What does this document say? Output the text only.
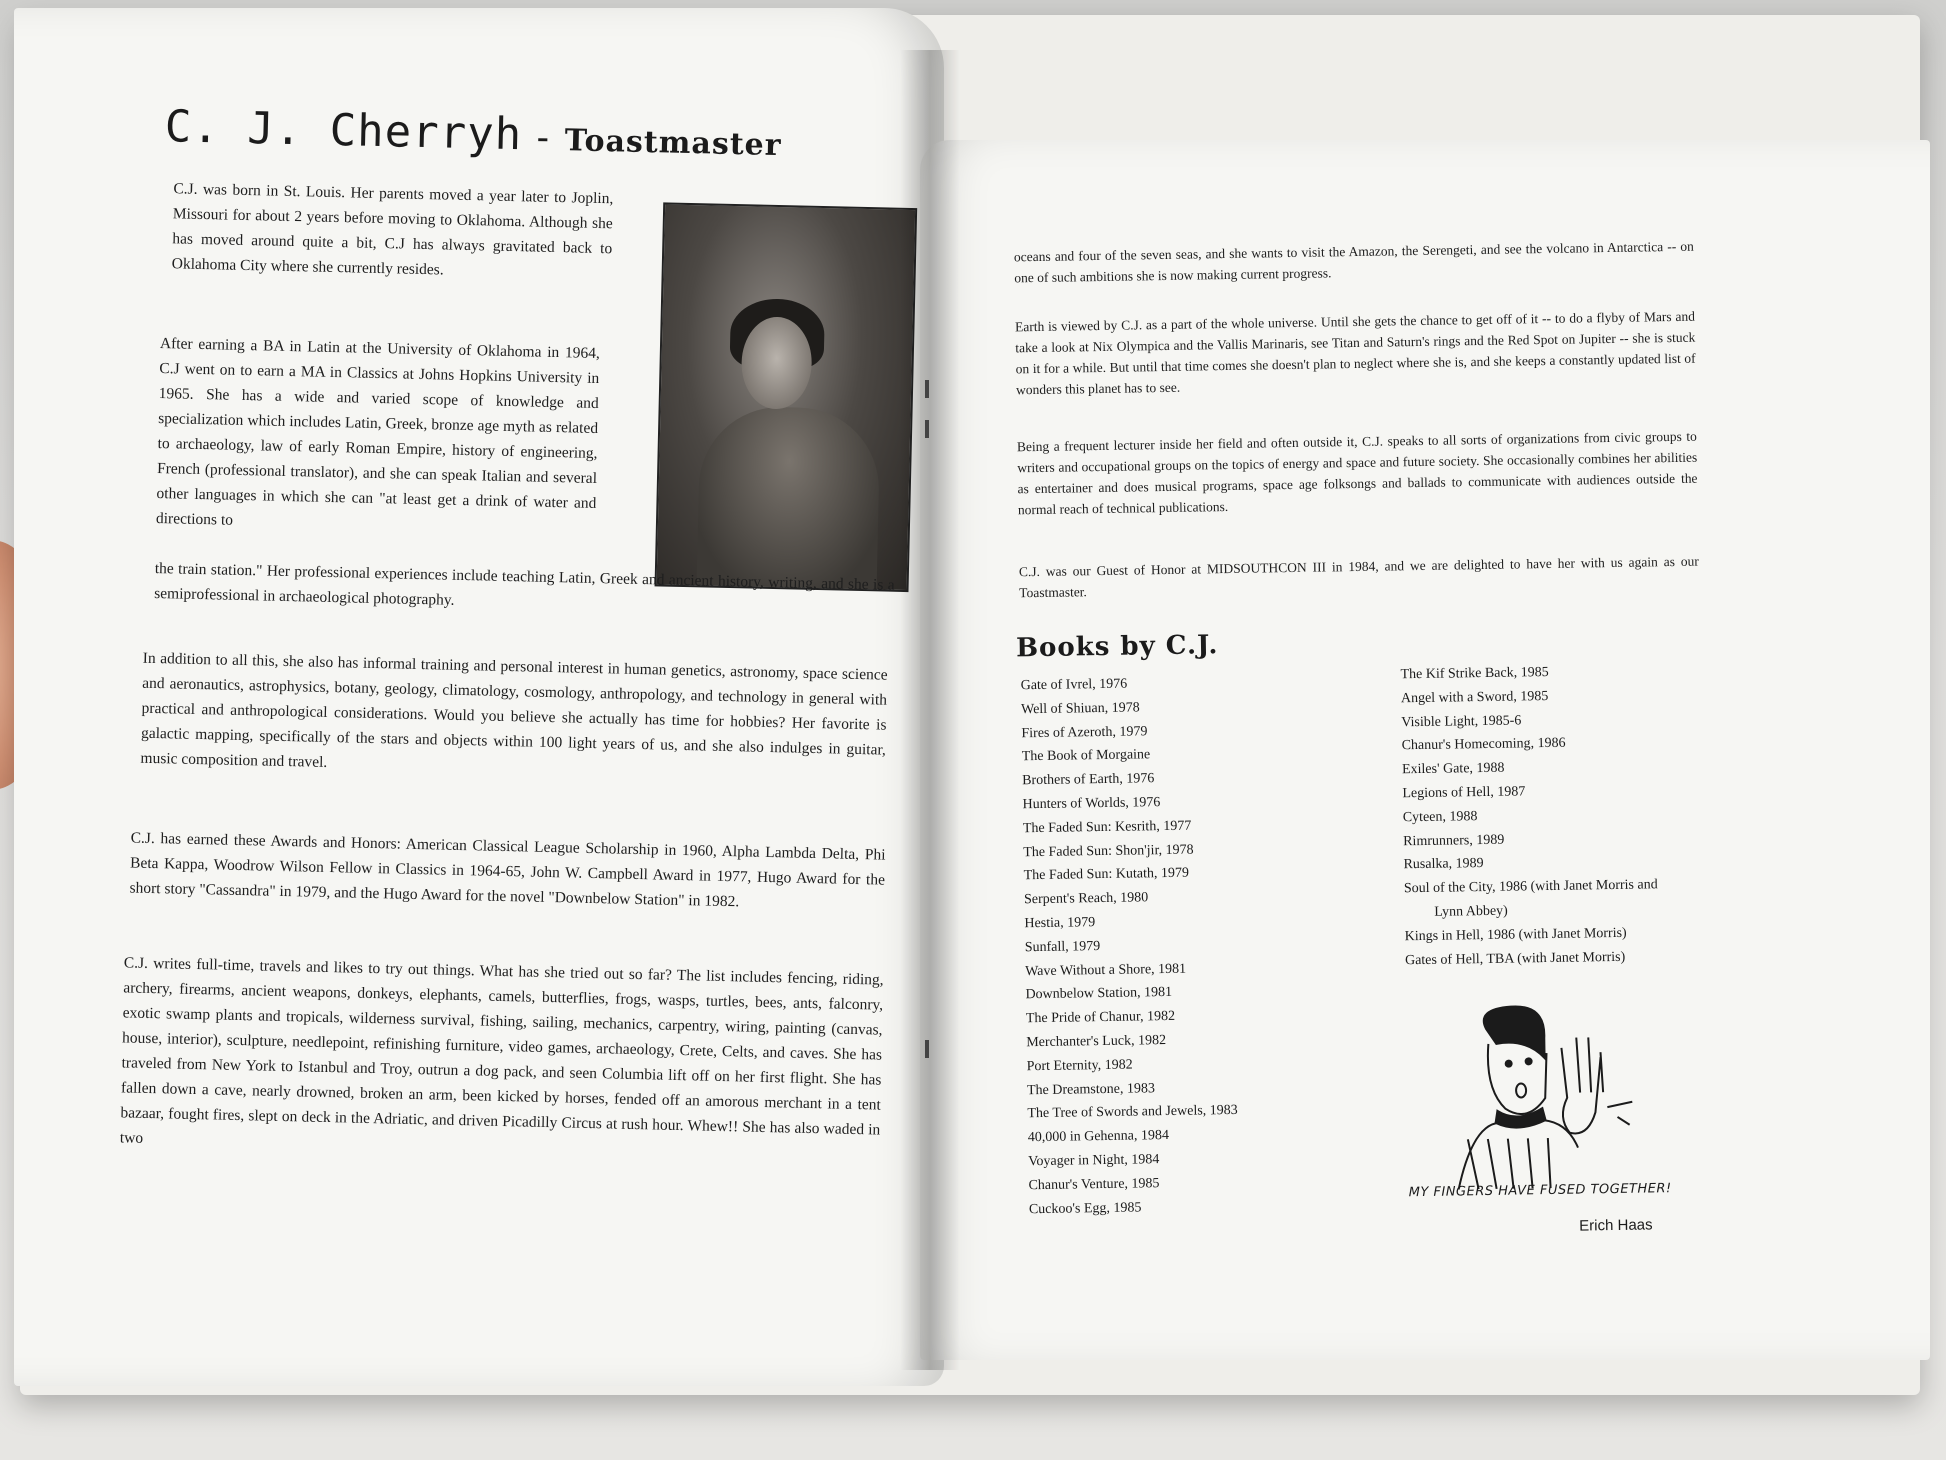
C. J. Cherryh - Toastmaster

C.J. was born in St. Louis. Her parents moved a year later to Joplin, Missouri for about 2 years before moving to Oklahoma. Although she has moved around quite a bit, C.J has always gravitated back to Oklahoma City where she currently resides.

After earning a BA in Latin at the University of Oklahoma in 1964, C.J went on to earn a MA in Classics at Johns Hopkins University in 1965. She has a wide and varied scope of knowledge and specialization which includes Latin, Greek, bronze age myth as related to archaeology, law of early Roman Empire, history of engineering, French (professional translator), and she can speak Italian and several other languages in which she can "at least get a drink of water and directions to

the train station." Her professional experiences include teaching Latin, Greek and ancient history, writing, and she is a semiprofessional in archaeological photography.

In addition to all this, she also has informal training and personal interest in human genetics, astronomy, space science and aeronautics, astrophysics, botany, geology, climatology, cosmology, anthropology, and technology in general with practical and anthropological considerations. Would you believe she actually has time for hobbies? Her favorite is galactic mapping, specifically of the stars and objects within 100 light years of us, and she also indulges in guitar, music composition and travel.

C.J. has earned these Awards and Honors: American Classical League Scholarship in 1960, Alpha Lambda Delta, Phi Beta Kappa, Woodrow Wilson Fellow in Classics in 1964-65, John W. Campbell Award in 1977, Hugo Award for the short story "Cassandra" in 1979, and the Hugo Award for the novel "Downbelow Station" in 1982.

C.J. writes full-time, travels and likes to try out things. What has she tried out so far? The list includes fencing, riding, archery, firearms, ancient weapons, donkeys, elephants, camels, butterflies, frogs, wasps, turtles, bees, ants, falconry, exotic swamp plants and tropicals, wilderness survival, fishing, sailing, mechanics, carpentry, wiring, painting (canvas, house, interior), sculpture, needlepoint, refinishing furniture, video games, archaeology, Crete, Celts, and caves. She has traveled from New York to Istanbul and Troy, outrun a dog pack, and seen Columbia lift off on her first flight. She has fallen down a cave, nearly drowned, broken an arm, been kicked by horses, fended off an amorous merchant in a tent bazaar, fought fires, slept on deck in the Adriatic, and driven Picadilly Circus at rush hour. Whew!! She has also waded in two

oceans and four of the seven seas, and she wants to visit the Amazon, the Serengeti, and see the volcano in Antarctica -- on one of such ambitions she is now making current progress.

Earth is viewed by C.J. as a part of the whole universe. Until she gets the chance to get off of it -- to do a flyby of Mars and take a look at Nix Olympica and the Vallis Marinaris, see Titan and Saturn's rings and the Red Spot on Jupiter -- she is stuck on it for a while. But until that time comes she doesn't plan to neglect where she is, and she keeps a constantly updated list of wonders this planet has to see.

Being a frequent lecturer inside her field and often outside it, C.J. speaks to all sorts of organizations from civic groups to writers and occupational groups on the topics of energy and space and future society. She occasionally combines her abilities as entertainer and does musical programs, space age folksongs and ballads to communicate with audiences outside the normal reach of technical publications.

C.J. was our Guest of Honor at MIDSOUTHCON III in 1984, and we are delighted to have her with us again as our Toastmaster.

Books by C.J.
Gate of Ivrel, 1976
Well of Shiuan, 1978
Fires of Azeroth, 1979
The Book of Morgaine
Brothers of Earth, 1976
Hunters of Worlds, 1976
The Faded Sun: Kesrith, 1977
The Faded Sun: Shon'jir, 1978
The Faded Sun: Kutath, 1979
Serpent's Reach, 1980
Hestia, 1979
Sunfall, 1979
Wave Without a Shore, 1981
Downbelow Station, 1981
The Pride of Chanur, 1982
Merchanter's Luck, 1982
Port Eternity, 1982
The Dreamstone, 1983
The Tree of Swords and Jewels, 1983
40,000 in Gehenna, 1984
Voyager in Night, 1984
Chanur's Venture, 1985
Cuckoo's Egg, 1985
The Kif Strike Back, 1985
Angel with a Sword, 1985
Visible Light, 1985-6
Chanur's Homecoming, 1986
Exiles' Gate, 1988
Legions of Hell, 1987
Cyteen, 1988
Rimrunners, 1989
Rusalka, 1989
Soul of the City, 1986 (with Janet Morris and
Lynn Abbey)
Kings in Hell, 1986 (with Janet Morris)
Gates of Hell, TBA (with Janet Morris)
MY FINGERS HAVE FUSED TOGETHER!
Erich Haas
